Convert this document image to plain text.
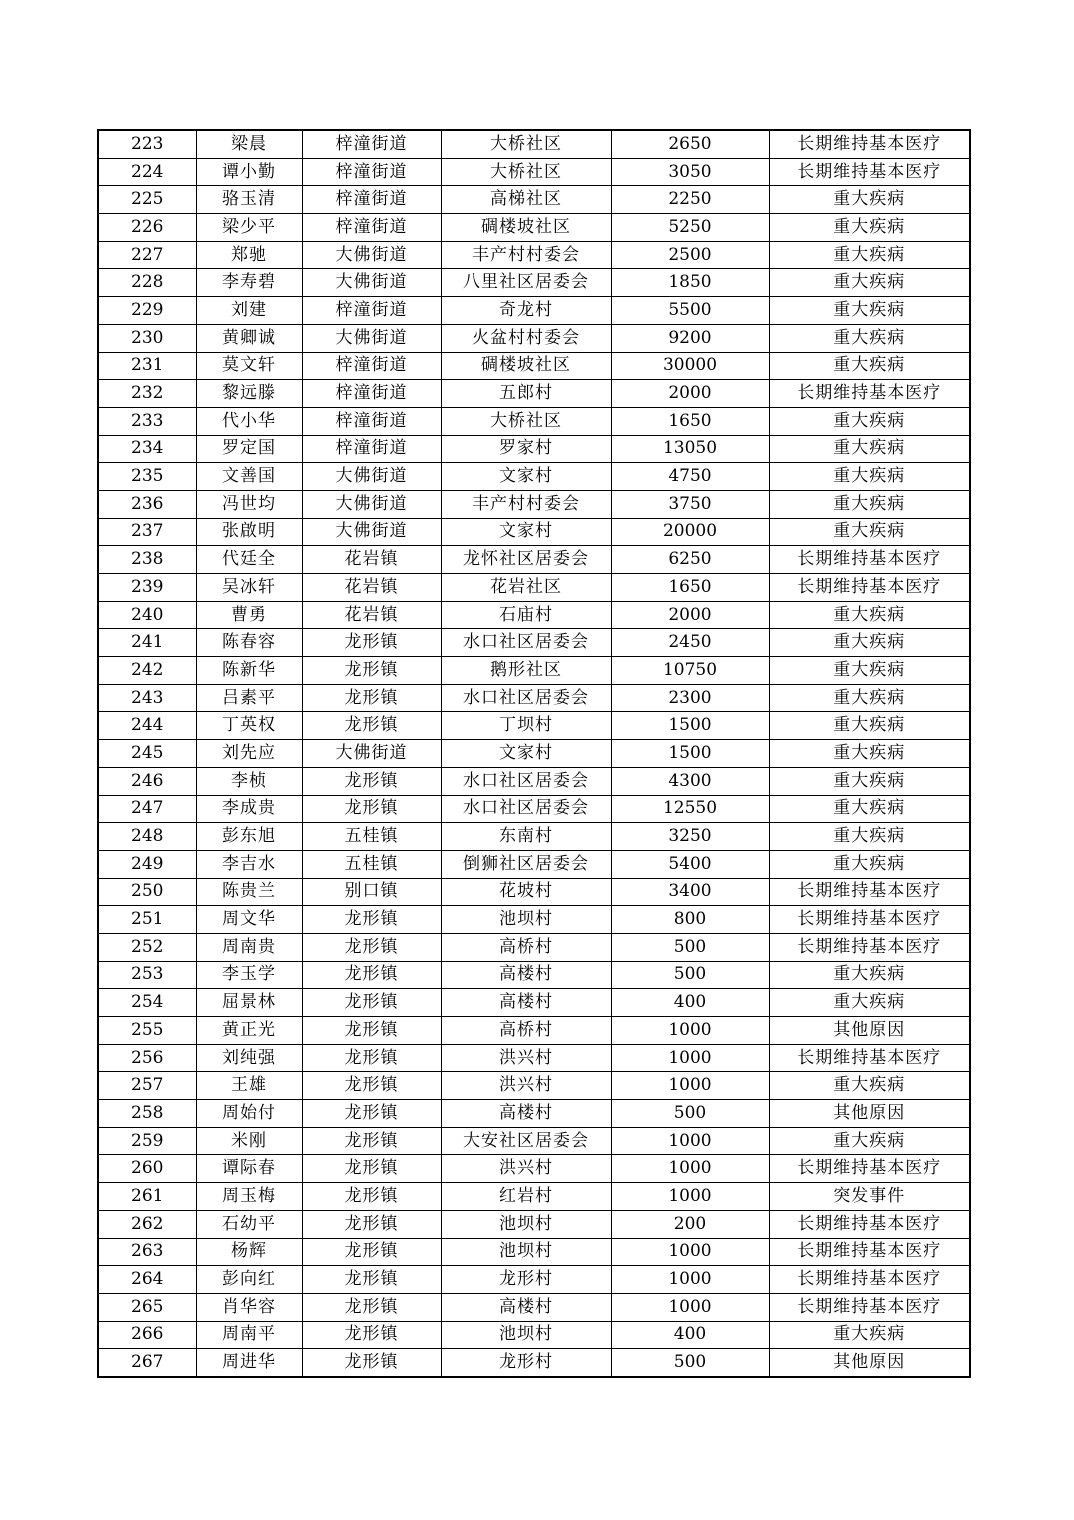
223	梁晨	梓潼街道	大桥社区	2650	长期维持基本医疗
224	谭小勤	梓潼街道	大桥社区	3050	长期维持基本医疗
225	骆玉清	梓潼街道	高梯社区	2250	重大疾病
226	梁少平	梓潼街道	碉楼坡社区	5250	重大疾病
227	郑驰	大佛街道	丰产村村委会	2500	重大疾病
228	李寿碧	大佛街道	八里社区居委会	1850	重大疾病
229	刘建	梓潼街道	奇龙村	5500	重大疾病
230	黄卿诚	大佛街道	火盆村村委会	9200	重大疾病
231	莫文轩	梓潼街道	碉楼坡社区	30000	重大疾病
232	黎远滕	梓潼街道	五郎村	2000	长期维持基本医疗
233	代小华	梓潼街道	大桥社区	1650	重大疾病
234	罗定国	梓潼街道	罗家村	13050	重大疾病
235	文善国	大佛街道	文家村	4750	重大疾病
236	冯世均	大佛街道	丰产村村委会	3750	重大疾病
237	张啟明	大佛街道	文家村	20000	重大疾病
238	代廷全	花岩镇	龙怀社区居委会	6250	长期维持基本医疗
239	吴冰轩	花岩镇	花岩社区	1650	长期维持基本医疗
240	曹勇	花岩镇	石庙村	2000	重大疾病
241	陈春容	龙形镇	水口社区居委会	2450	重大疾病
242	陈新华	龙形镇	鹅形社区	10750	重大疾病
243	吕素平	龙形镇	水口社区居委会	2300	重大疾病
244	丁英权	龙形镇	丁坝村	1500	重大疾病
245	刘先应	大佛街道	文家村	1500	重大疾病
246	李桢	龙形镇	水口社区居委会	4300	重大疾病
247	李成贵	龙形镇	水口社区居委会	12550	重大疾病
248	彭东旭	五桂镇	东南村	3250	重大疾病
249	李吉水	五桂镇	倒狮社区居委会	5400	重大疾病
250	陈贵兰	别口镇	花坡村	3400	长期维持基本医疗
251	周文华	龙形镇	池坝村	800	长期维持基本医疗
252	周南贵	龙形镇	高桥村	500	长期维持基本医疗
253	李玉学	龙形镇	高楼村	500	重大疾病
254	屈景林	龙形镇	高楼村	400	重大疾病
255	黄正光	龙形镇	高桥村	1000	其他原因
256	刘纯强	龙形镇	洪兴村	1000	长期维持基本医疗
257	王雄	龙形镇	洪兴村	1000	重大疾病
258	周始付	龙形镇	高楼村	500	其他原因
259	米刚	龙形镇	大安社区居委会	1000	重大疾病
260	谭际春	龙形镇	洪兴村	1000	长期维持基本医疗
261	周玉梅	龙形镇	红岩村	1000	突发事件
262	石幼平	龙形镇	池坝村	200	长期维持基本医疗
263	杨辉	龙形镇	池坝村	1000	长期维持基本医疗
264	彭向红	龙形镇	龙形村	1000	长期维持基本医疗
265	肖华容	龙形镇	高楼村	1000	长期维持基本医疗
266	周南平	龙形镇	池坝村	400	重大疾病
267	周进华	龙形镇	龙形村	500	其他原因
